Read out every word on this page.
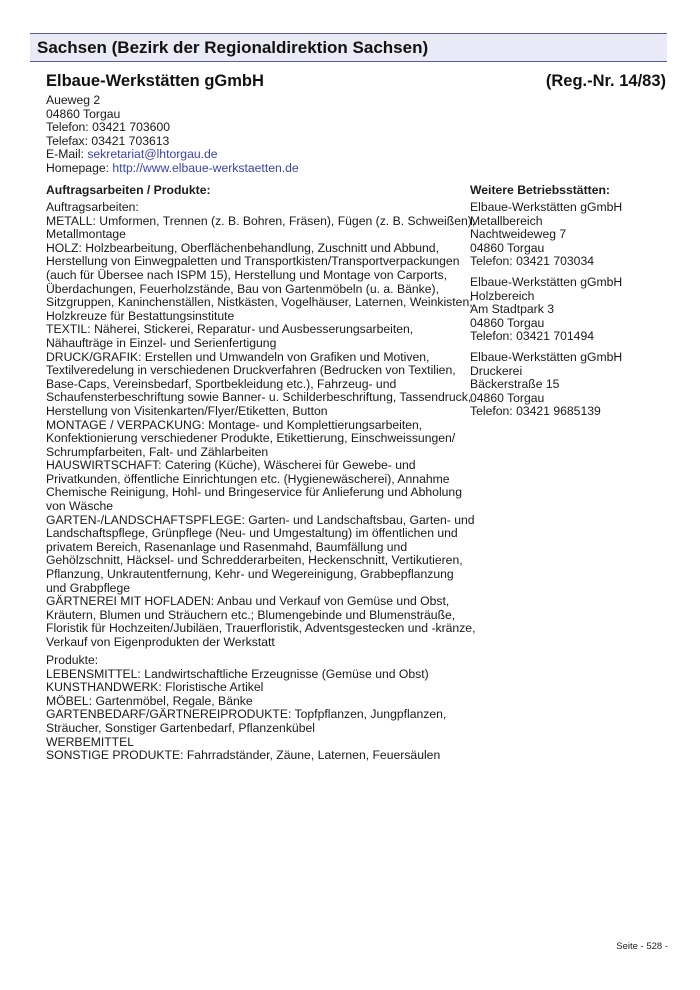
Sachsen (Bezirk der Regionaldirektion Sachsen)
Elbaue-Werkstätten gGmbH	(Reg.-Nr. 14/83)
Aueweg 2
04860 Torgau
Telefon: 03421 703600
Telefax: 03421 703613
E-Mail: sekretariat@lhtorgau.de
Homepage: http://www.elbaue-werkstaetten.de
Auftragsarbeiten / Produkte:	Weitere Betriebsstätten:
Auftragsarbeiten:
METALL: Umformen, Trennen (z. B. Bohren, Fräsen), Fügen (z. B. Schweißen),
Metallmontage
HOLZ: Holzbearbeitung, Oberflächenbehandlung, Zuschnitt und Abbund,
Herstellung von Einwegpaletten und Transportkisten/Transportverpackungen
(auch für Übersee nach ISPM 15), Herstellung und Montage von Carports,
Überdachungen, Feuerholzstände, Bau von Gartenmöbeln (u. a. Bänke),
Sitzgruppen, Kaninchenställen, Nistkästen, Vogelhäuser, Laternen, Weinkisten;
Holzkreuze für Bestattungsinstitute
TEXTIL: Näherei, Stickerei, Reparatur- und Ausbesserungsarbeiten,
Nähaufträge in Einzel- und Serienfertigung
DRUCK/GRAFIK: Erstellen und Umwandeln von Grafiken und Motiven,
Textilveredelung in verschiedenen Druckverfahren (Bedrucken von Textilien,
Base-Caps, Vereinsbedarf, Sportbekleidung etc.), Fahrzeug- und
Schaufensterbeschriftung sowie Banner- u. Schilderbeschriftung, Tassendruck,
Herstellung von Visitenkarten/Flyer/Etiketten, Button
MONTAGE / VERPACKUNG: Montage- und Komplettierungsarbeiten,
Konfektionierung verschiedener Produkte, Etikettierung, Einschweissungen/
Schrumpfarbeiten, Falt- und Zählarbeiten
HAUSWIRTSCHAFT: Catering (Küche), Wäscherei für Gewebe- und
Privatkunden, öffentliche Einrichtungen etc. (Hygienewäscherei), Annahme
Chemische Reinigung, Hohl- und Bringeservice für Anlieferung und Abholung
von Wäsche
GARTEN-/LANDSCHAFTSPFLEGE: Garten- und Landschaftsbau, Garten- und
Landschaftspflege, Grünpflege (Neu- und Umgestaltung) im öffentlichen und
privatem Bereich, Rasenanlage und Rasenmahd, Baumfällung und
Gehölzschnitt, Häcksel- und Schredderarbeiten, Heckenschnitt, Vertikutieren,
Pflanzung, Unkrautentfernung, Kehr- und Wegereinigung, Grabbepflanzung
und Grabpflege
GÄRTNEREI MIT HOFLADEN: Anbau und Verkauf von Gemüse und Obst,
Kräutern, Blumen und Sträuchern etc.; Blumengebinde und Blumensträuße,
Floristik für Hochzeiten/Jubiläen, Trauerfloristik, Adventsgestecken und -kränze,
Verkauf von Eigenprodukten der Werkstatt
Produkte:
LEBENSMITTEL: Landwirtschaftliche Erzeugnisse (Gemüse und Obst)
KUNSTHANDWERK: Floristische Artikel
MÖBEL: Gartenmöbel, Regale, Bänke
GARTENBEDARF/GÄRTNEREIPRODUKTE: Topfpflanzen, Jungpflanzen,
Sträucher, Sonstiger Gartenbedarf, Pflanzenkübel
WERBEMITTEL
SONSTIGE PRODUKTE: Fahrradständer, Zäune, Laternen, Feuersäulen
Elbaue-Werkstätten gGmbH
Metallbereich
Nachtweideweg 7
04860 Torgau
Telefon: 03421 703034
Elbaue-Werkstätten gGmbH
Holzbereich
Am Stadtpark 3
04860 Torgau
Telefon: 03421 701494
Elbaue-Werkstätten gGmbH
Druckerei
Bäckerstraße 15
04860 Torgau
Telefon: 03421 9685139
Seite - 528 -
